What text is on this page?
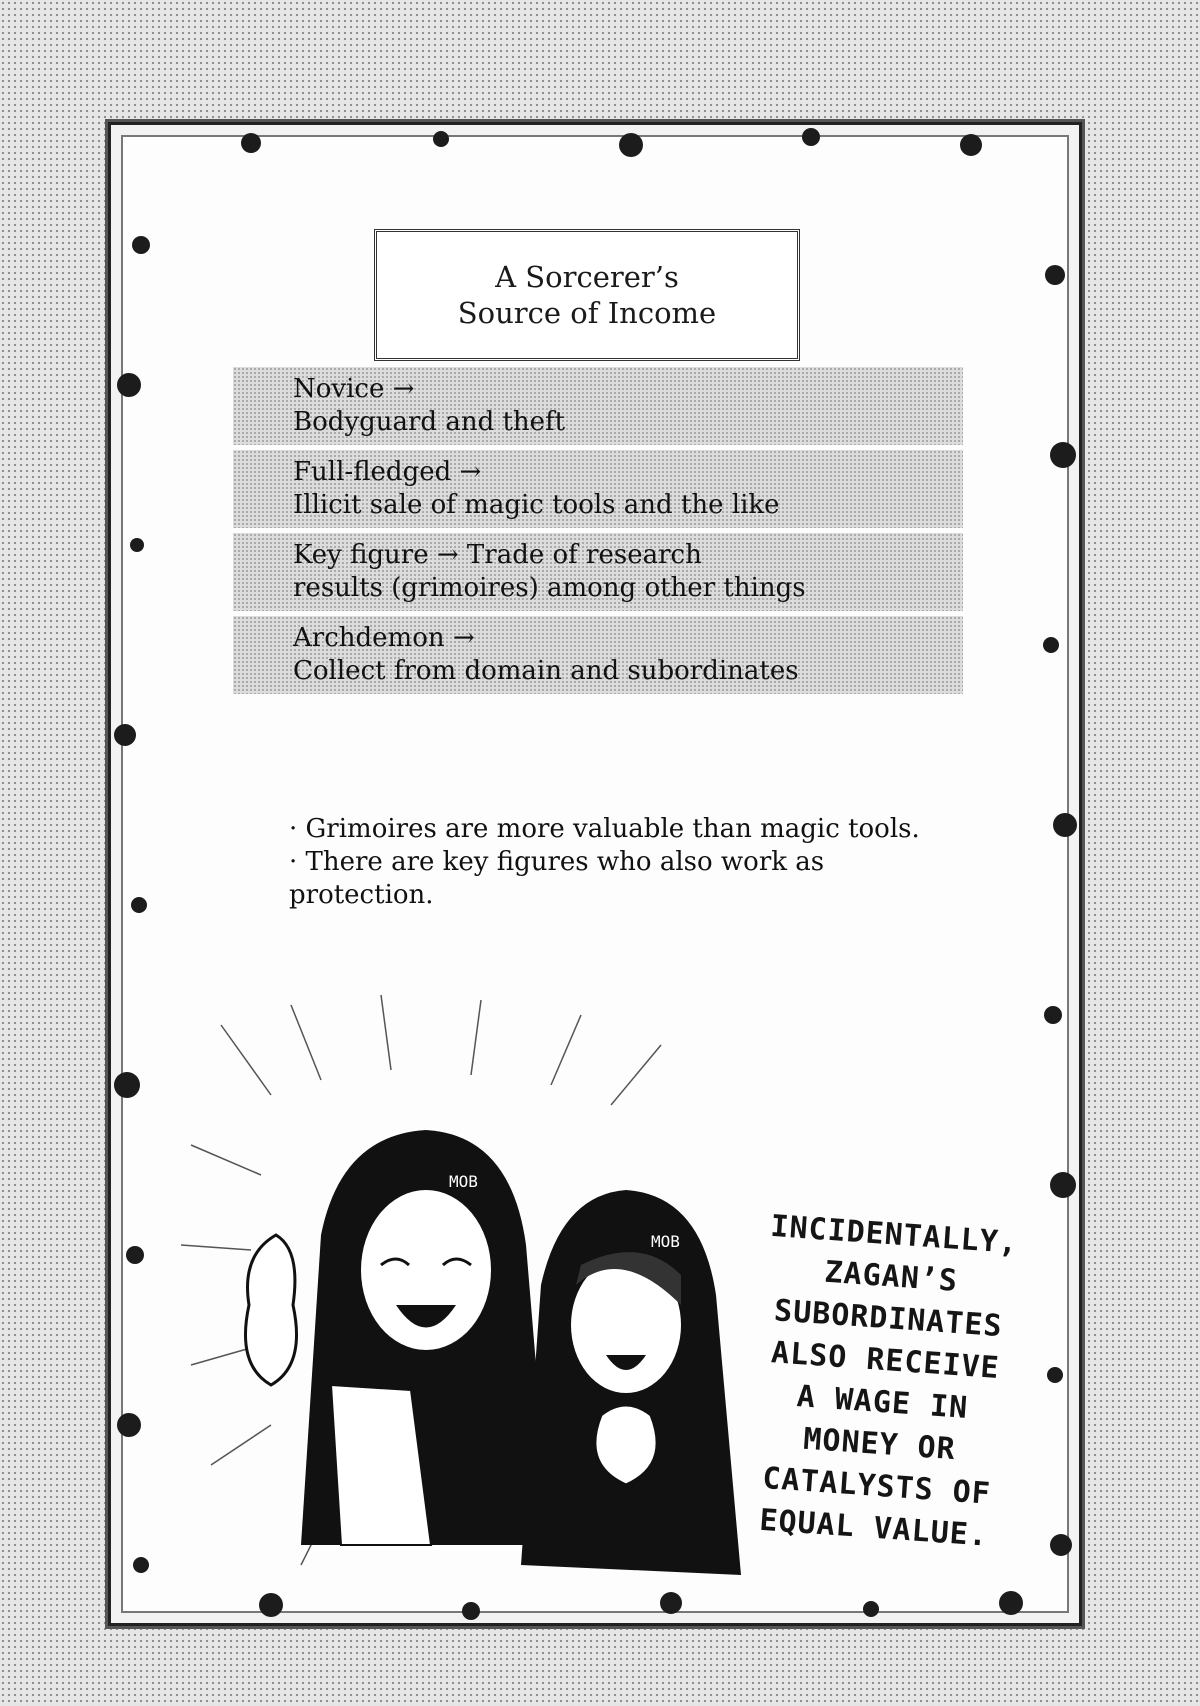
A Sorcerer’s
Source of Income
Novice →
Bodyguard and theft
Full-fledged →
Illicit sale of magic tools and the like
Key figure → Trade of research
results (grimoires) among other things
Archdemon →
Collect from domain and subordinates
· Grimoires are more valuable than magic tools.
· There are key figures who also work as
protection.
MOB
MOB	INCIDENTALLY,
ZAGAN’S
SUBORDINATES
ALSO RECEIVE
A WAGE IN
MONEY OR
CATALYSTS OF
EQUAL VALUE.
